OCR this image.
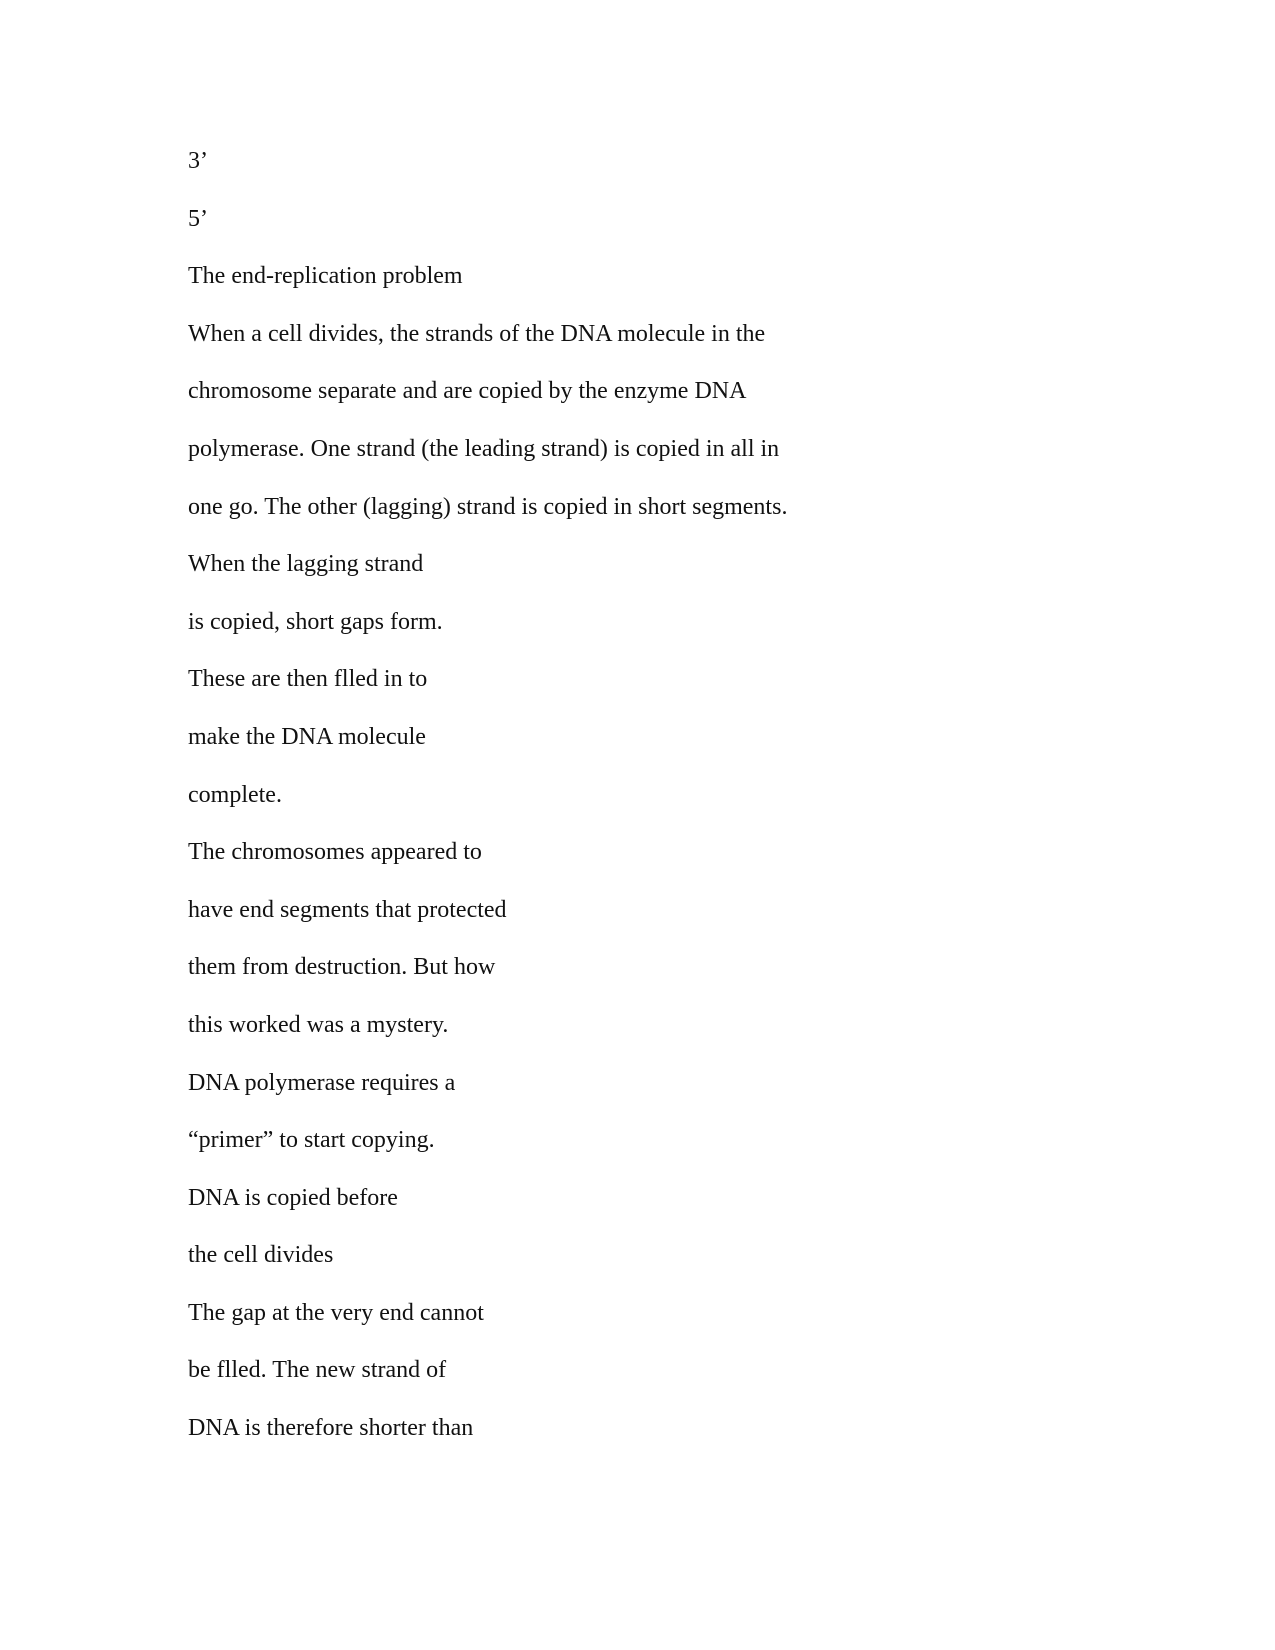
3’
5’
The end-replication problem
When a cell divides, the strands of the DNA molecule in the
chromosome separate and are copied by the enzyme DNA
polymerase. One strand (the leading strand) is copied in all in
one go. The other (lagging) strand is copied in short segments.
When the lagging strand
is copied, short gaps form.
These are then flled in to
make the DNA molecule
complete.
The chromosomes appeared to
have end segments that protected
them from destruction. But how
this worked was a mystery.
DNA polymerase requires a
“primer” to start copying.
DNA is copied before
the cell divides
The gap at the very end cannot
be flled. The new strand of
DNA is therefore shorter than
